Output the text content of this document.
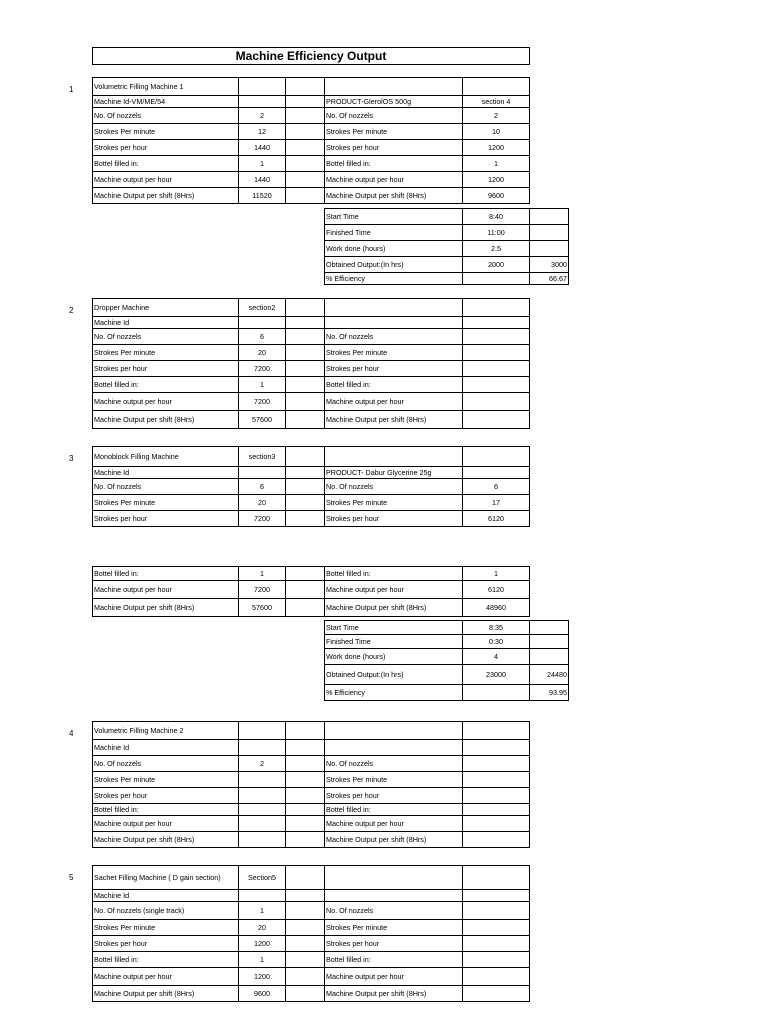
Machine Efficiency Output
1	Volumetric Filling Machine 1				
Machine Id-VM/ME/54			PRODUCT-GlerolOS 500g	section 4
No. Of nozzels	2		No. Of nozzels	2
Strokes Per minute	12		Strokes Per minute	10
Strokes per hour	1440		Strokes per hour	1200
Bottel filled in:	1		Bottel filled in:	1
Machine output per hour	1440		Machine output per hour	1200
Machine Output per shift (8Hrs)	11520		Machine Output per shift (8Hrs)	9600
Start Time	8:40	
Finished Time	11:00	
Work done (hours)	2.5	
Obtained Output:(In hrs)	2000	3000
% Efficiency		66.67
2	Dropper Machine	section2			
Machine Id				
No. Of nozzels	6		No. Of nozzels	
Strokes Per minute	20		Strokes Per minute	
Strokes per hour	7200		Strokes per hour	
Bottel filled in:	1		Bottel filled in:	
Machine output per hour	7200		Machine output per hour	
Machine Output per shift (8Hrs)	57600		Machine Output per shift (8Hrs)	
3	Monoblock Filling Machine	section3			
Machine Id			PRODUCT- Dabur Glycerine 25g	
No. Of nozzels	6		No. Of nozzels	6
Strokes Per minute	20		Strokes Per minute	17
Strokes per hour	7200		Strokes per hour	6120
Bottel filled in:	1		Bottel filled in:	1
Machine output per hour	7200		Machine output per hour	6120
Machine Output per shift (8Hrs)	57600		Machine Output per shift (8Hrs)	48960
Start Time	8:35	
Finished Time	0:30	
Work done (hours)	4	
Obtained Output:(In hrs)	23000	24480
% Efficiency		93.95
4	Volumetric Filling Machine 2				
Machine Id				
No. Of nozzels	2		No. Of nozzels	
Strokes Per minute			Strokes Per minute	
Strokes per hour			Strokes per hour	
Bottel filled in:			Bottel filled in:	
Machine output per hour			Machine output per hour	
Machine Output per shift (8Hrs)			Machine Output per shift (8Hrs)	
5	Sachet Filling Machine ( D gain section)	Section5			
Machine Id				
No. Of nozzels (single track)	1		No. Of nozzels	
Strokes Per minute	20		Strokes Per minute	
Strokes per hour	1200		Strokes per hour	
Bottel filled in:	1		Bottel filled in:	
Machine output per hour	1200		Machine output per hour	
Machine Output per shift (8Hrs)	9600		Machine Output per shift (8Hrs)	
